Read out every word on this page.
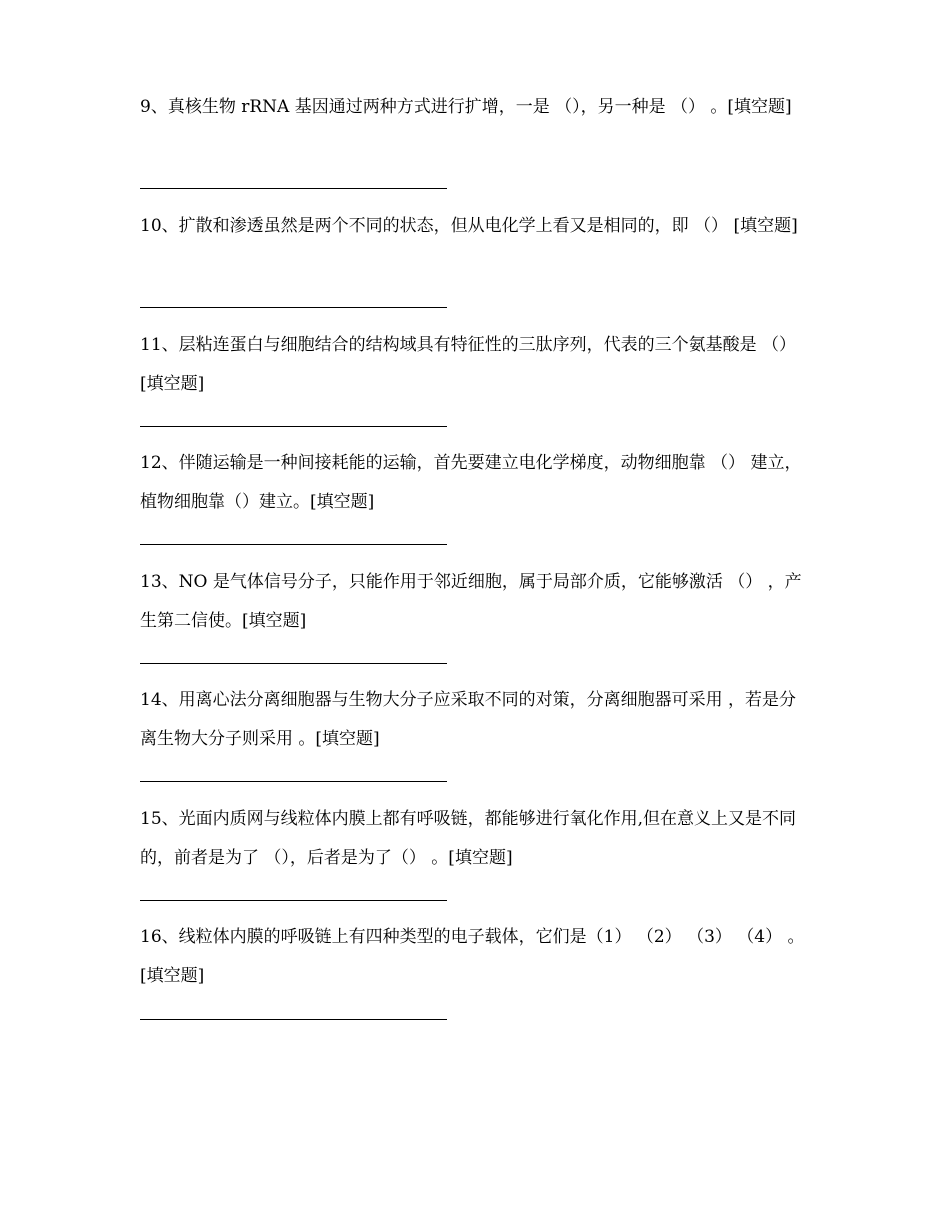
9、真核生物 rRNA 基因通过两种方式进行扩增，一是 （），另一种是 （） 。[填空题]

10、扩散和渗透虽然是两个不同的状态，但从电化学上看又是相同的，即 （） [填空题]

11、层粘连蛋白与细胞结合的结构域具有特征性的三肽序列，代表的三个氨基酸是 （） [填空题]

12、伴随运输是一种间接耗能的运输，首先要建立电化学梯度，动物细胞靠 （） 建立，植物细胞靠（）建立。[填空题]

13、NO 是气体信号分子，只能作用于邻近细胞，属于局部介质，它能够激活 （） ，产生第二信使。[填空题]

14、用离心法分离细胞器与生物大分子应采取不同的对策，分离细胞器可采用 ，若是分离生物大分子则采用 。[填空题]

15、光面内质网与线粒体内膜上都有呼吸链，都能够进行氧化作用,但在意义上又是不同的，前者是为了 （），后者是为了（） 。[填空题]

16、线粒体内膜的呼吸链上有四种类型的电子载体，它们是（1） （2） （3） （4） 。[填空题]
